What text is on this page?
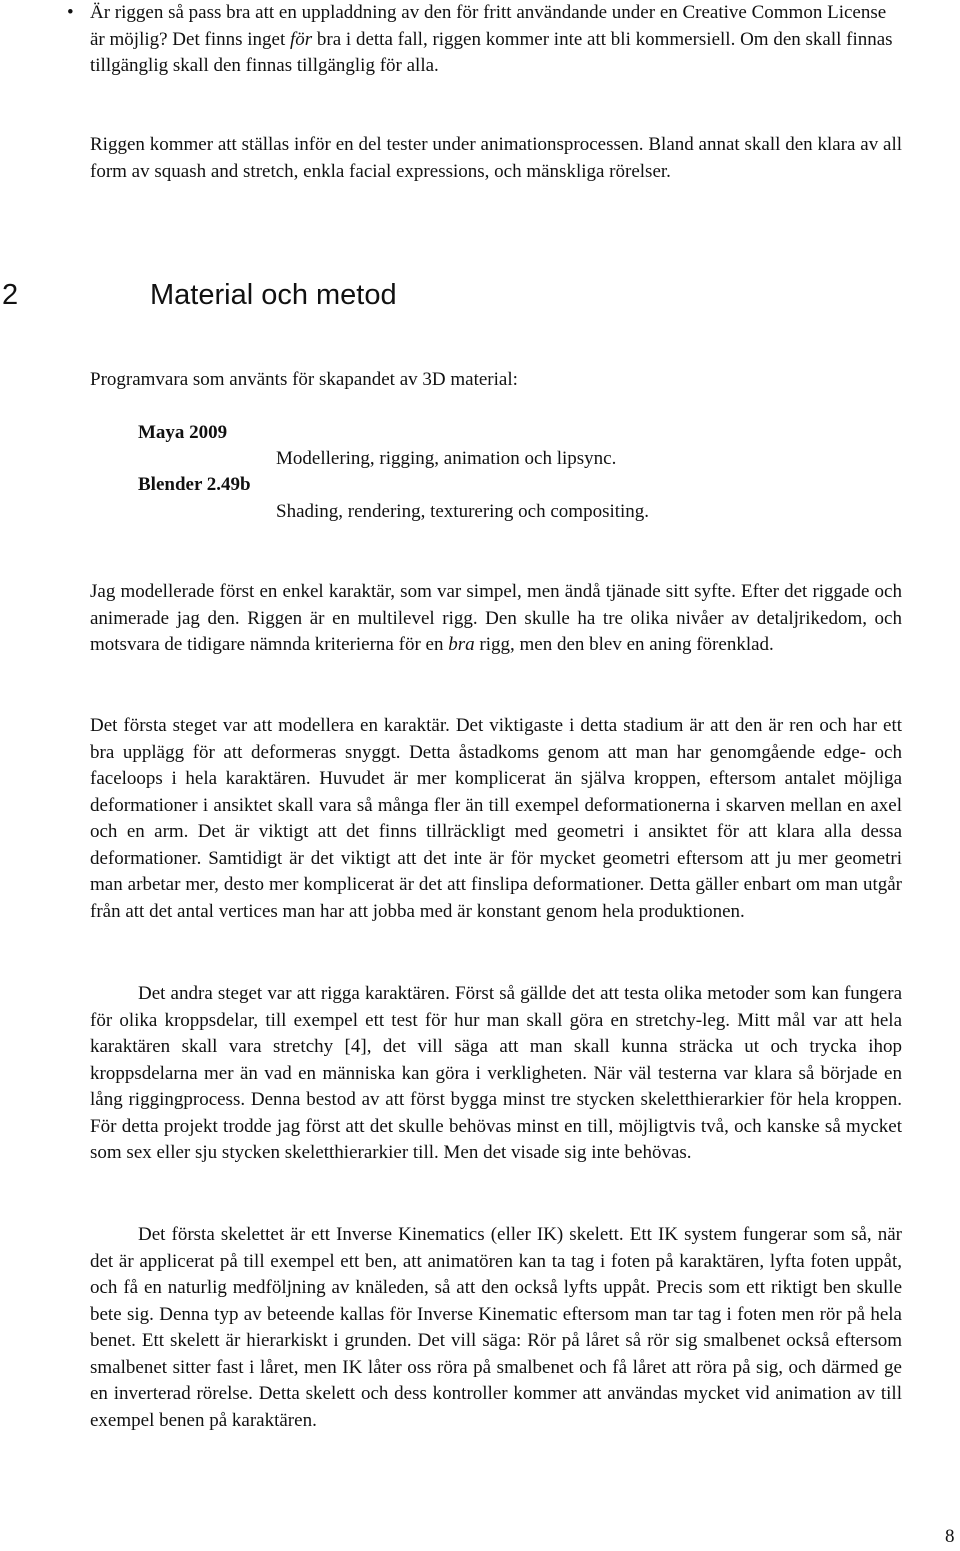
• Är riggen så pass bra att en uppladdning av den för fritt användande under en Creative Common License är möjlig? Det finns inget för bra i detta fall, riggen kommer inte att bli kommersiell. Om den skall finnas tillgänglig skall den finnas tillgänglig för alla.

Riggen kommer att ställas inför en del tester under animationsprocessen. Bland annat skall den klara av all form av squash and stretch, enkla facial expressions, och mänskliga rörelser.

2	Material och metod

Programvara som använts för skapandet av 3D material:

Maya 2009
Modellering, rigging, animation och lipsync.
Blender 2.49b
Shading, rendering, texturering och compositing.

Jag modellerade först en enkel karaktär, som var simpel, men ändå tjänade sitt syfte. Efter det riggade och animerade jag den. Riggen är en multilevel rigg. Den skulle ha tre olika nivåer av detaljrikedom, och motsvara de tidigare nämnda kriterierna för en bra rigg, men den blev en aning förenklad.

Det första steget var att modellera en karaktär. Det viktigaste i detta stadium är att den är ren och har ett bra upplägg för att deformeras snyggt. Detta åstadkoms genom att man har genomgående edge- och faceloops i hela karaktären. Huvudet är mer komplicerat än själva kroppen, eftersom antalet möjliga deformationer i ansiktet skall vara så många fler än till exempel deformationerna i skarven mellan en axel och en arm. Det är viktigt att det finns tillräckligt med geometri i ansiktet för att klara alla dessa deformationer. Samtidigt är det viktigt att det inte är för mycket geometri eftersom att ju mer geometri man arbetar mer, desto mer komplicerat är det att finslipa deformationer. Detta gäller enbart om man utgår från att det antal vertices man har att jobba med är konstant genom hela produktionen.

Det andra steget var att rigga karaktären. Först så gällde det att testa olika metoder som kan fungera för olika kroppsdelar, till exempel ett test för hur man skall göra en stretchy-leg. Mitt mål var att hela karaktären skall vara stretchy [4], det vill säga att man skall kunna sträcka ut och trycka ihop kroppsdelarna mer än vad en människa kan göra i verkligheten. När väl testerna var klara så började en lång riggingprocess. Denna bestod av att först bygga minst tre stycken skeletthierarkier för hela kroppen. För detta projekt trodde jag först att det skulle behövas minst en till, möjligtvis två, och kanske så mycket som sex eller sju stycken skeletthierarkier till. Men det visade sig inte behövas.

Det första skelettet är ett Inverse Kinematics (eller IK) skelett. Ett IK system fungerar som så, när det är applicerat på till exempel ett ben, att animatören kan ta tag i foten på karaktären, lyfta foten uppåt, och få en naturlig medföljning av knäleden, så att den också lyfts uppåt. Precis som ett riktigt ben skulle bete sig. Denna typ av beteende kallas för Inverse Kinematic eftersom man tar tag i foten men rör på hela benet. Ett skelett är hierarkiskt i grunden. Det vill säga: Rör på låret så rör sig smalbenet också eftersom smalbenet sitter fast i låret, men IK låter oss röra på smalbenet och få låret att röra på sig, och därmed ge en inverterad rörelse. Detta skelett och dess kontroller kommer att användas mycket vid animation av till exempel benen på karaktären.

8
